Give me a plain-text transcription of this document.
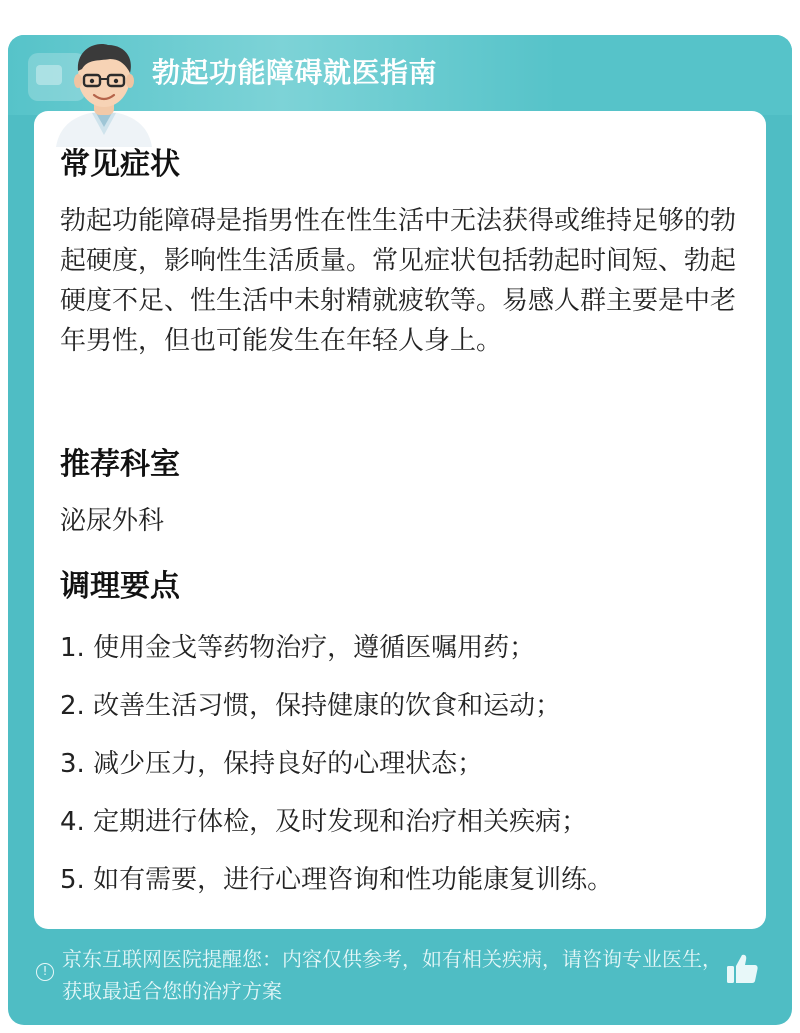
勃起功能障碍就医指南
常见症状
勃起功能障碍是指男性在性生活中无法获得或维持足够的勃起硬度，影响性生活质量。常见症状包括勃起时间短、勃起硬度不足、性生活中未射精就疲软等。易感人群主要是中老年男性，但也可能发生在年轻人身上。
推荐科室
泌尿外科
调理要点
1. 使用金戈等药物治疗，遵循医嘱用药；
2. 改善生活习惯，保持健康的饮食和运动；
3. 减少压力，保持良好的心理状态；
4. 定期进行体检，及时发现和治疗相关疾病；
5. 如有需要，进行心理咨询和性功能康复训练。
! 京东互联网医院提醒您：内容仅供参考，如有相关疾病，请咨询专业医生，获取最适合您的治疗方案
